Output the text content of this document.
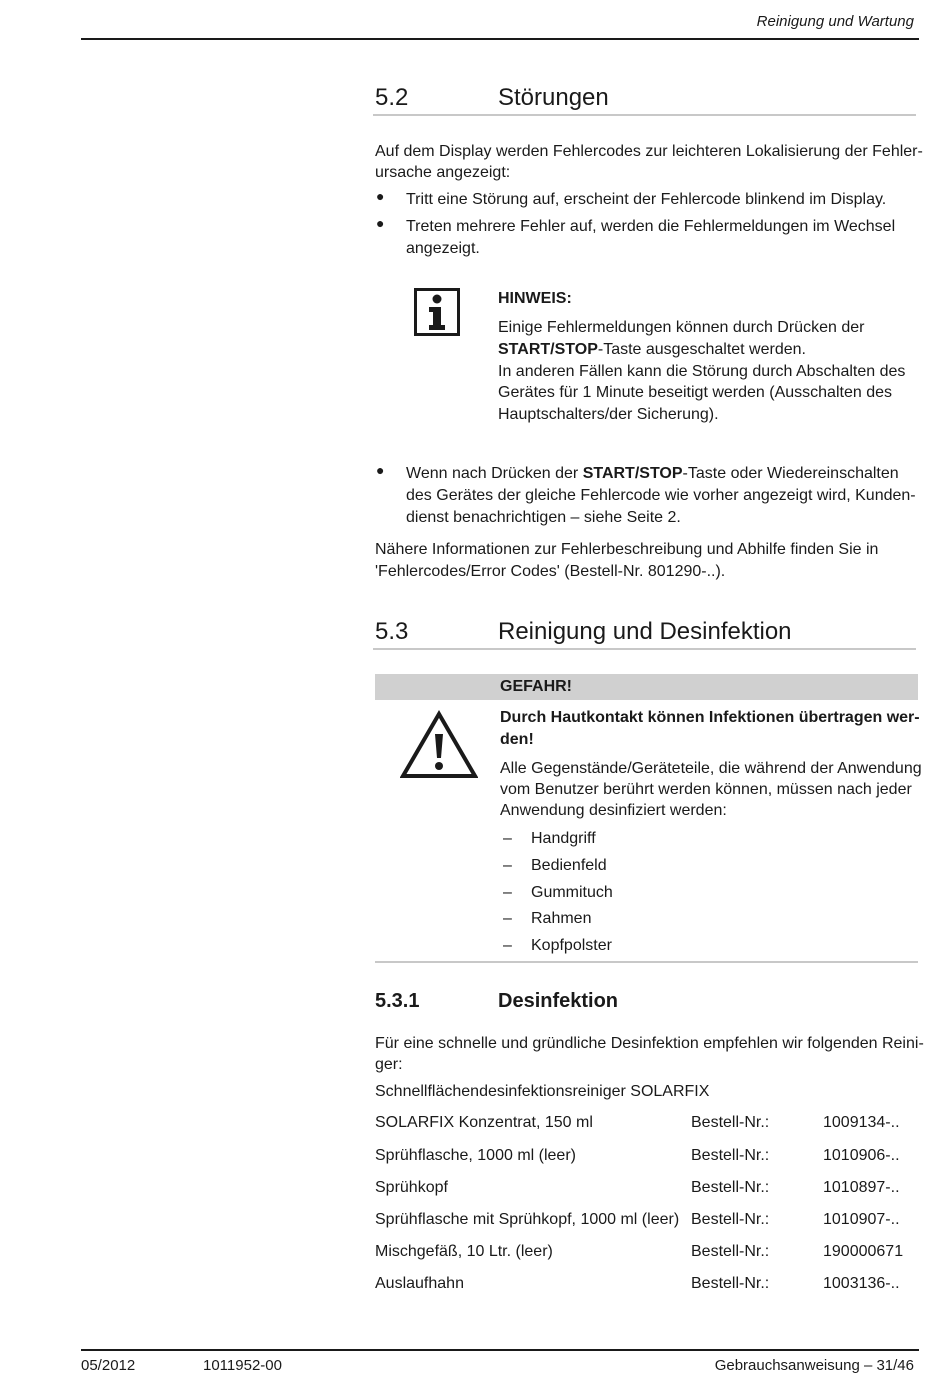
Reinigung und Wartung
5.2	Störungen
Auf dem Display werden Fehlercodes zur leichteren Lokalisierung der Fehler-
ursache angezeigt:
● Tritt eine Störung auf, erscheint der Fehlercode blinkend im Display.
● Treten mehrere Fehler auf, werden die Fehlermeldungen im Wechsel
angezeigt.
HINWEIS:
Einige Fehlermeldungen können durch Drücken der
START/STOP-Taste ausgeschaltet werden.
In anderen Fällen kann die Störung durch Abschalten des
Gerätes für 1 Minute beseitigt werden (Ausschalten des
Hauptschalters/der Sicherung).
● Wenn nach Drücken der START/STOP-Taste oder Wiedereinschalten
des Gerätes der gleiche Fehlercode wie vorher angezeigt wird, Kunden-
dienst benachrichtigen – siehe Seite 2.
Nähere Informationen zur Fehlerbeschreibung und Abhilfe finden Sie in
'Fehlercodes/Error Codes' (Bestell-Nr. 801290-..).
5.3	Reinigung und Desinfektion
GEFAHR!
Durch Hautkontakt können Infektionen übertragen wer-
den!
Alle Gegenstände/Geräteteile, die während der Anwendung
vom Benutzer berührt werden können, müssen nach jeder
Anwendung desinfiziert werden:
– Handgriff
– Bedienfeld
– Gummituch
– Rahmen
– Kopfpolster
5.3.1	Desinfektion
Für eine schnelle und gründliche Desinfektion empfehlen wir folgenden Reini-
ger:
Schnellflächendesinfektionsreiniger SOLARFIX
SOLARFIX Konzentrat, 150 ml	Bestell-Nr.:	1009134-..
Sprühflasche, 1000 ml (leer)	Bestell-Nr.:	1010906-..
Sprühkopf	Bestell-Nr.:	1010897-..
Sprühflasche mit Sprühkopf, 1000 ml (leer) Bestell-Nr.:	1010907-..
Mischgefäß, 10 Ltr. (leer)	Bestell-Nr.:	190000671
Auslaufhahn	Bestell-Nr.:	1003136-..
05/2012	1011952-00	Gebrauchsanweisung – 31/46
